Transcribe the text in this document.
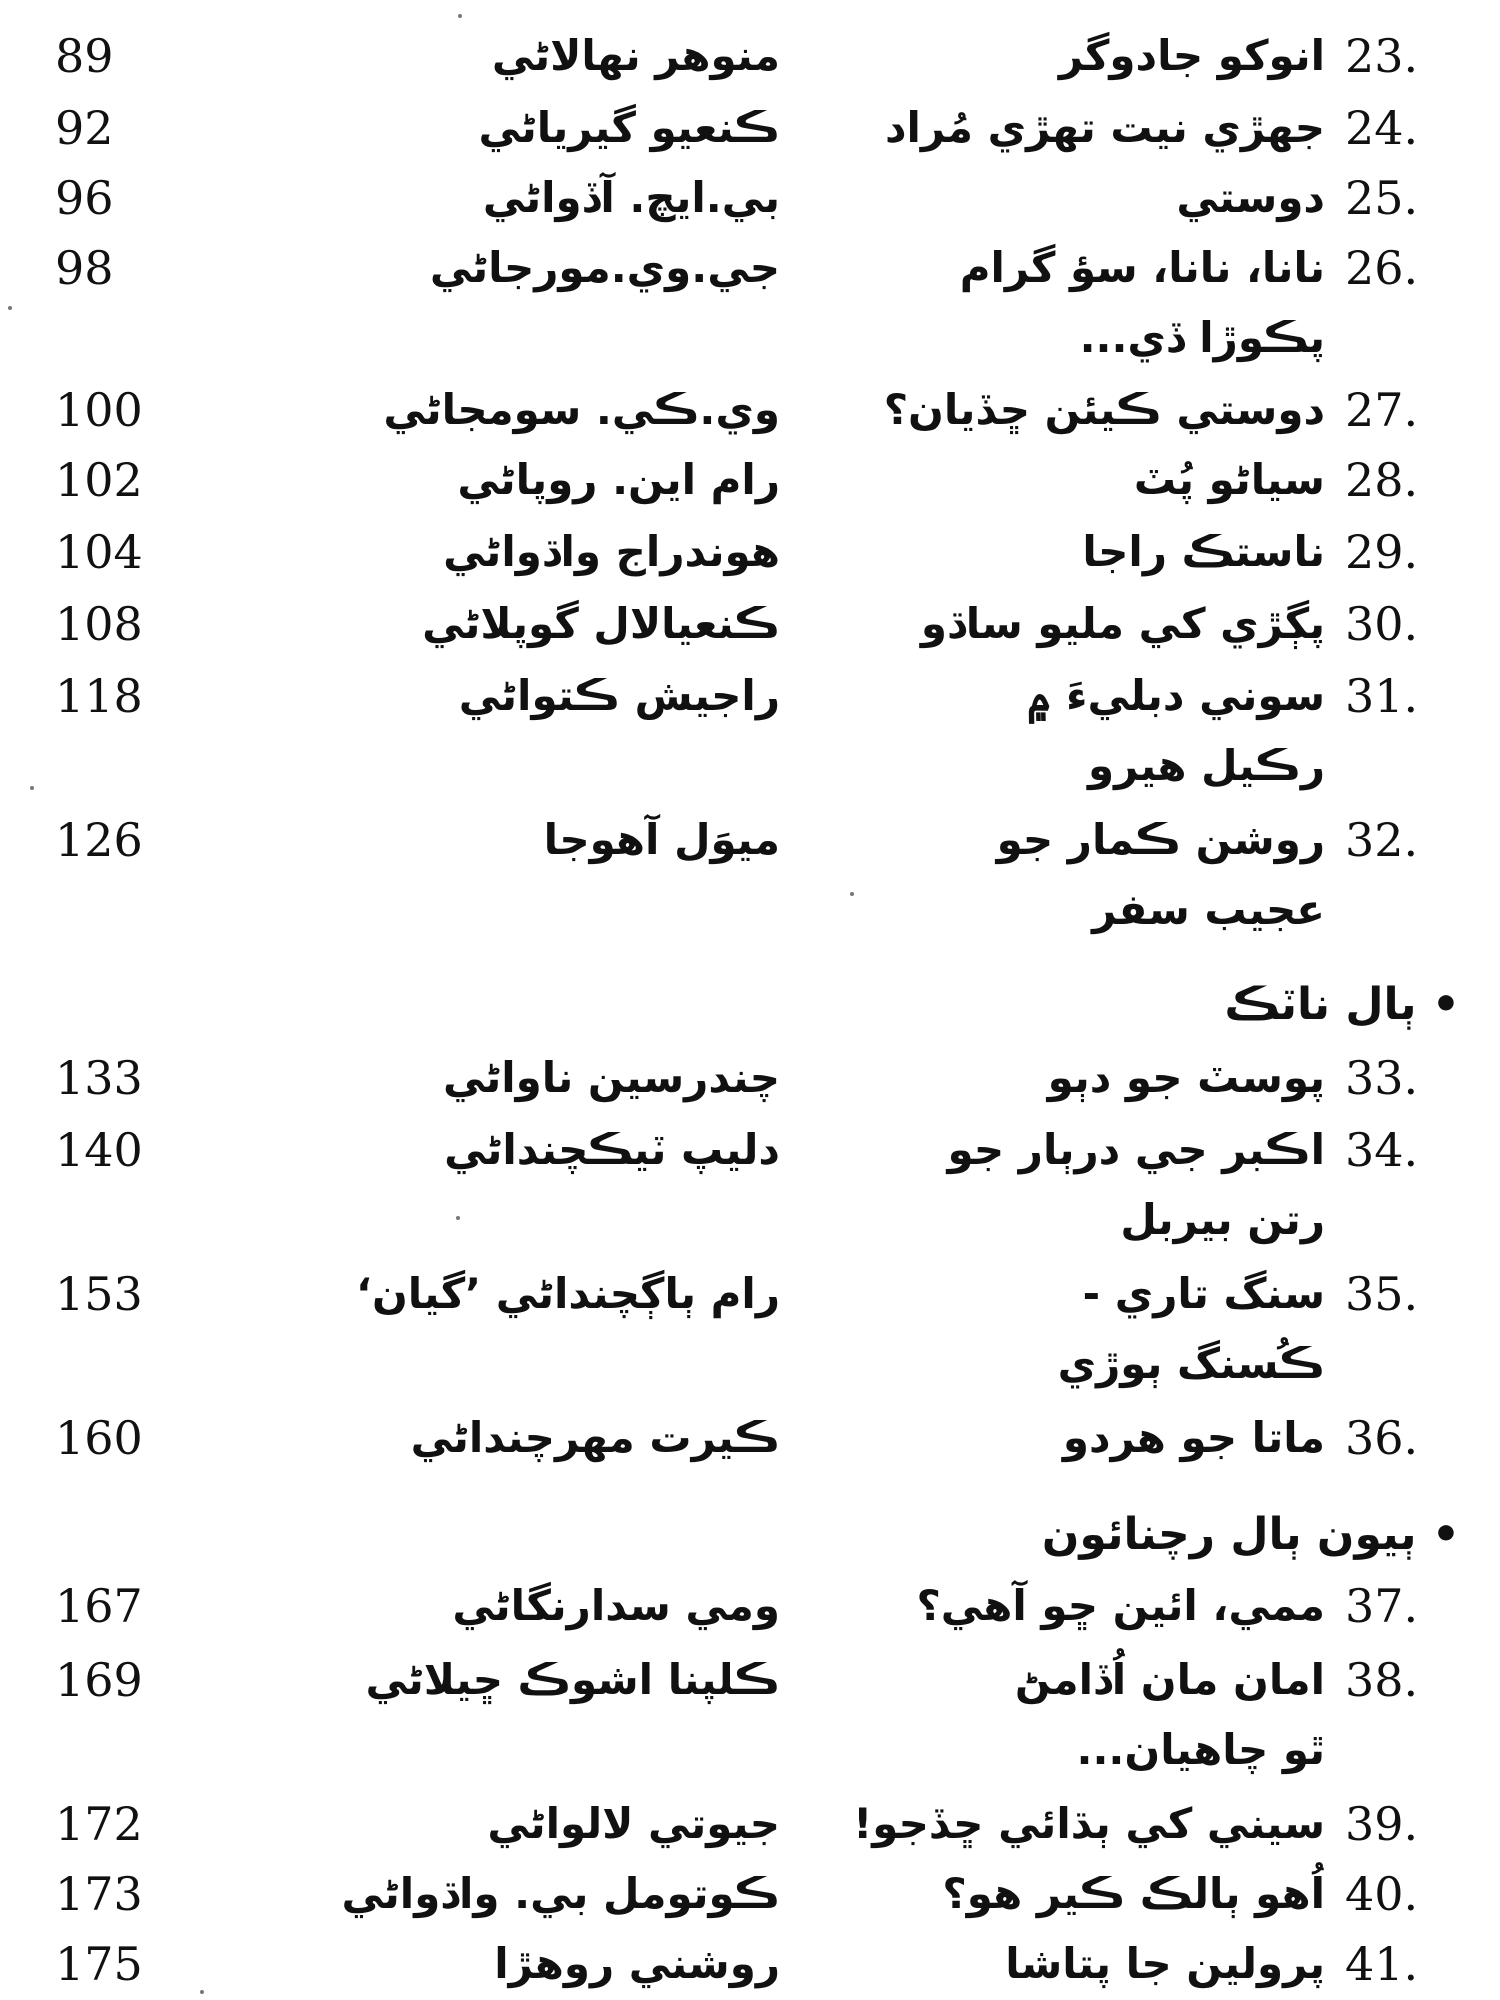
23.
انوکو جادوگر
منوهر نهالاڻي
89
24.
جهڙي نيت تهڙي مُراد
ڪنعيو گيرياڻي
92
25.
دوستي
بي.ايچ. آڏواڻي
96
26.
نانا، نانا، سؤ گرام
پڪوڙا ڏي...
جي.وي.مورجاڻي
98
27.
دوستي ڪيئن ڇڏيان؟
وي.ڪي. سومجاڻي
100
28.
سياڻو پُٽ
رام اين. روپاڻي
102
29.
ناستڪ راجا
هوندراج واڌواڻي
104
30.
پڳڙي کي مليو ساڌو
ڪنعيالال گوپلاڻي
108
31.
سوني دبليءَ ۾
رڪيل هيرو
راجيش ڪتواڻي
118
32.
روشن ڪمار جو
عجيب سفر
ميوَل آهوجا
126
• ٻال ناٽڪ
33.
پوسٽ جو دٻو
چندرسين ناواڻي
133
34.
اڪبر جي درٻار جو
رتن بيربل
دليپ ٽيڪچنداڻي
140
35.
سنگ تاري -
ڪُسنگ ٻوڙي
رام ٻاڳچنداڻي ’گيان‘
153
36.
ماتا جو هردو
ڪيرت مهرچنداڻي
160
• ٻيون ٻال رچنائون
37.
ممي، ائين ڇو آهي؟
ومي سدارنگاڻي
167
38.
امان مان اُڏامڻ
ٿو چاهيان...
ڪلپنا اشوڪ ڇيلاڻي
169
39.
سيني کي ٻڌائي ڇڏجو!
جيوتي لالواڻي
172
40.
اُهو ٻالڪ ڪير هو؟
ڪوتومل بي. واڌواڻي
173
41.
پرولين جا پتاشا
روشني روهڙا
175
